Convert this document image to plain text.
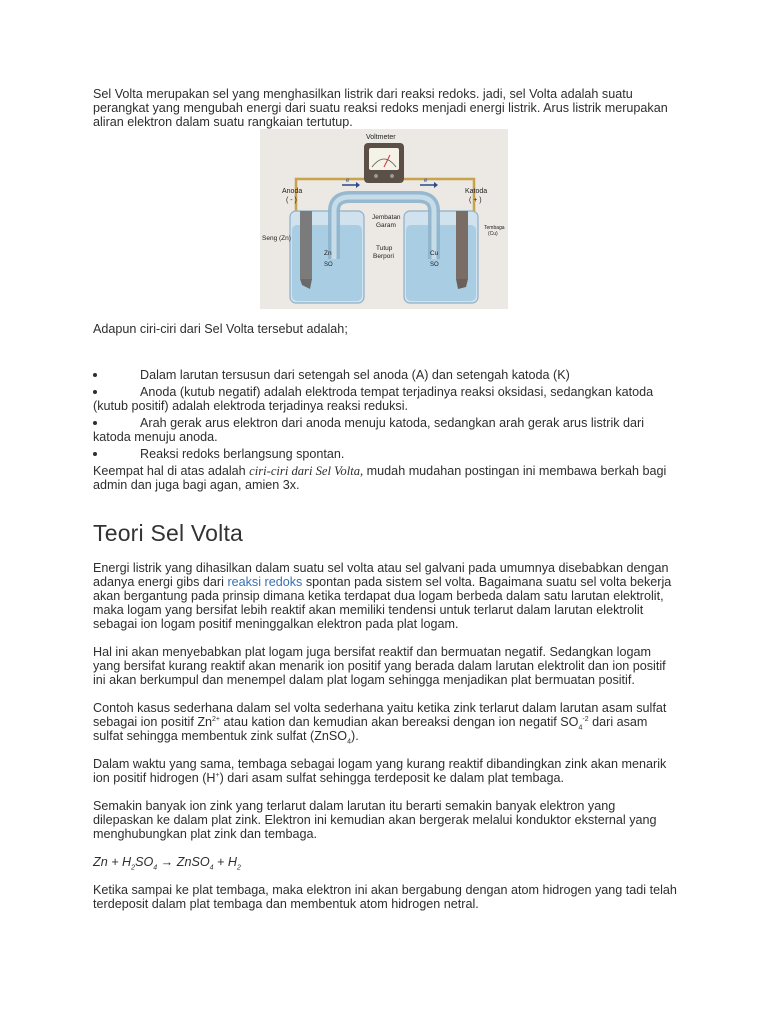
Sel Volta merupakan sel yang menghasilkan listrik dari reaksi redoks. jadi, sel Volta adalah suatu perangkat yang mengubah energi dari suatu reaksi redoks menjadi energi listrik. Arus listrik merupakan aliran elektron dalam suatu rangkaian tertutup.

e	e
Voltmeter
Anoda
( - )
Katoda
( + )
Jembatan
Garam
Tutup
Berpori
Seng (Zn)
Tembaga
(Cu)
Zn
SO
Cu
SO

Adapun ciri-ciri dari Sel Volta tersebut adalah;

Dalam larutan tersusun dari setengah sel anoda (A) dan setengah katoda (K)
Anoda (kutub negatif) adalah elektroda tempat terjadinya reaksi oksidasi, sedangkan katoda (kutub positif) adalah elektroda terjadinya reaksi reduksi.
Arah gerak arus elektron dari anoda menuju katoda, sedangkan arah gerak arus listrik dari katoda menuju anoda.
Reaksi redoks berlangsung spontan.

Keempat hal di atas adalah ciri-ciri dari Sel Volta, mudah mudahan postingan ini membawa berkah bagi admin dan juga bagi agan, amien 3x.

Teori Sel Volta

Energi listrik yang dihasilkan dalam suatu sel volta atau sel galvani pada umumnya disebabkan dengan adanya energi gibs dari reaksi redoks spontan pada sistem sel volta. Bagaimana suatu sel volta bekerja akan bergantung pada prinsip dimana ketika terdapat dua logam berbeda dalam satu larutan elektrolit, maka logam yang bersifat lebih reaktif akan memiliki tendensi untuk terlarut dalam larutan elektrolit sebagai ion logam positif meninggalkan elektron pada plat logam.

Hal ini akan menyebabkan plat logam juga bersifat reaktif dan bermuatan negatif. Sedangkan logam yang bersifat kurang reaktif akan menarik ion positif yang berada dalam larutan elektrolit dan ion positif ini akan berkumpul dan menempel dalam plat logam sehingga menjadikan plat bermuatan positif.

Contoh kasus sederhana dalam sel volta sederhana yaitu ketika zink terlarut dalam larutan asam sulfat sebagai ion positif $Zn^{2+}$ atau kation dan kemudian akan bereaksi dengan ion negatif $SO_4^{-2}$ dari asam sulfat sehingga membentuk zink sulfat (ZnSO$_4$).

Dalam waktu yang sama, tembaga sebagai logam yang kurang reaktif dibandingkan zink akan menarik ion positif hidrogen (H+) dari asam sulfat sehingga terdeposit ke dalam plat tembaga.

Semakin banyak ion zink yang terlarut dalam larutan itu berarti semakin banyak elektron yang dilepaskan ke dalam plat zink. Elektron ini kemudian akan bergerak melalui konduktor eksternal yang menghubungkan plat zink dan tembaga.

$Zn + H_2SO_4$ → ZnSO$_4$ + $H_2$

Ketika sampai ke plat tembaga, maka elektron ini akan bergabung dengan atom hidrogen yang tadi telah terdeposit dalam plat tembaga dan membentuk atom hidrogen netral.
